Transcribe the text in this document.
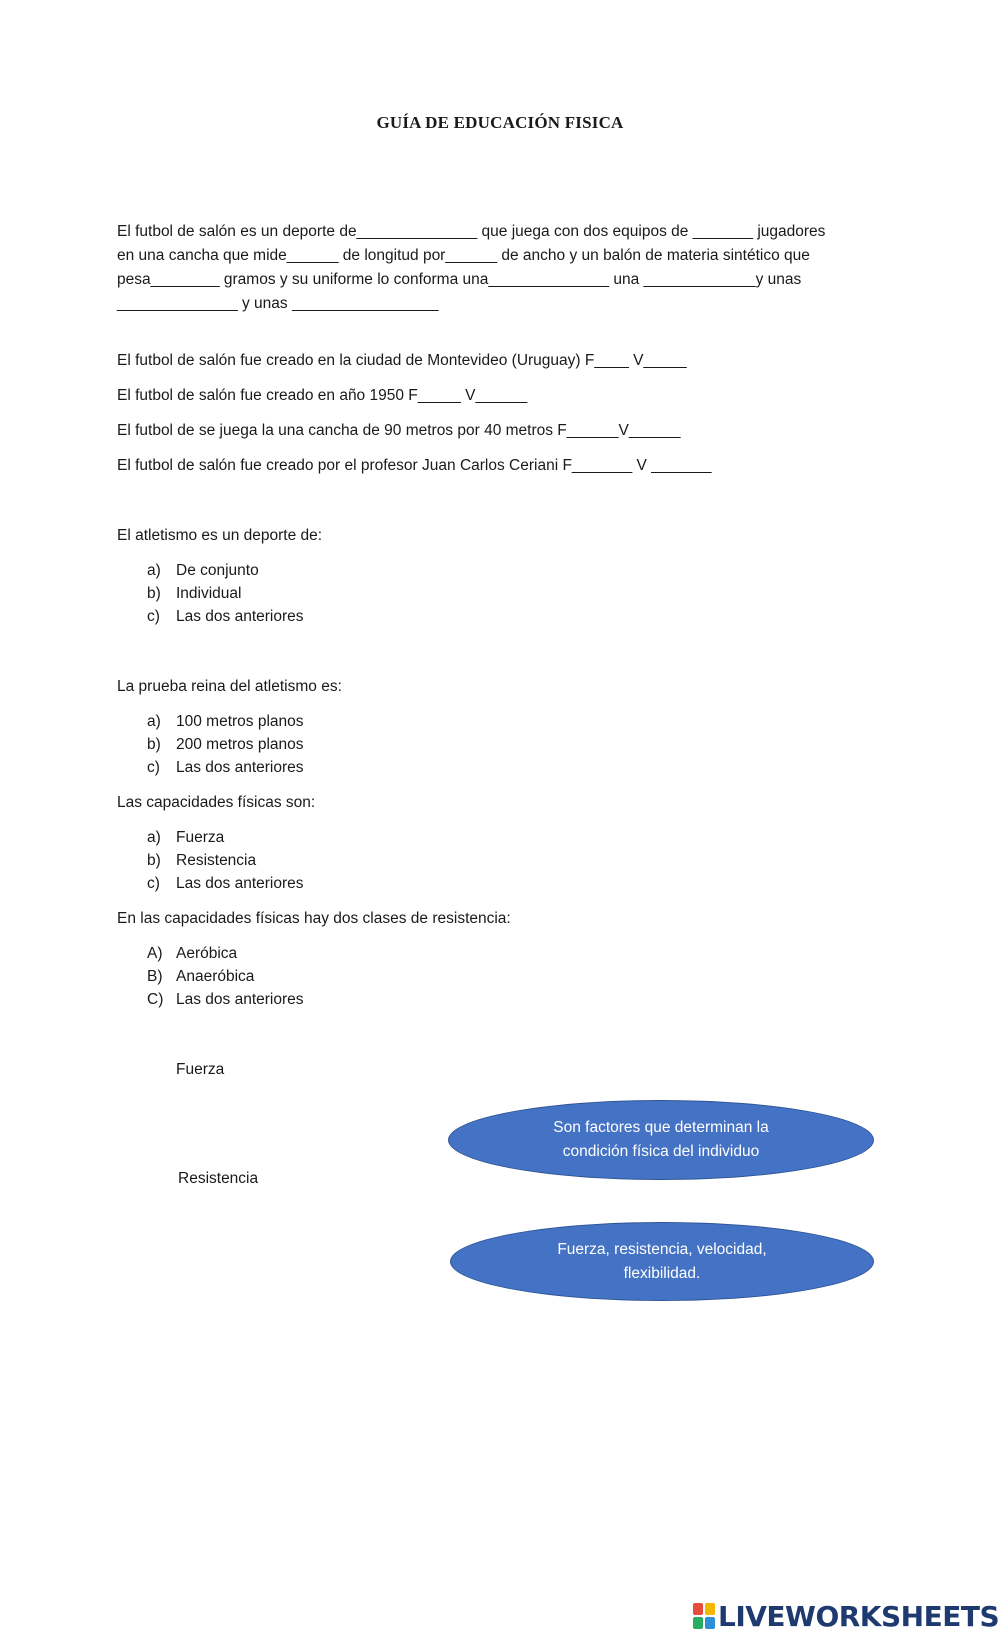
GUÍA DE EDUCACIÓN FISICA
El futbol de salón es un deporte de______________ que juega con dos equipos de _______ jugadores
en una cancha que mide______ de longitud por______ de ancho y un balón de materia sintético que
pesa________ gramos y su uniforme lo conforma una______________ una _____________y unas
______________ y unas _________________
El futbol de salón fue creado en la ciudad de Montevideo (Uruguay) F____ V_____
El futbol de salón fue creado en año 1950 F_____ V______
El futbol de se juega la una cancha de 90 metros por 40 metros F______V______
El futbol de salón fue creado por el profesor Juan Carlos Ceriani F_______ V _______
El atletismo es un deporte de:
a) De conjunto
b) Individual
c) Las dos anteriores
La prueba reina del atletismo es:
a) 100 metros planos
b) 200 metros planos
c) Las dos anteriores
Las capacidades físicas son:
a) Fuerza
b) Resistencia
c) Las dos anteriores
En las capacidades físicas hay dos clases de resistencia:
A) Aeróbica
B) Anaeróbica
C) Las dos anteriores
Fuerza
Resistencia
Son factores que determinan la condición física del individuo
Fuerza, resistencia, velocidad, flexibilidad.
LIVEWORKSHEETS
